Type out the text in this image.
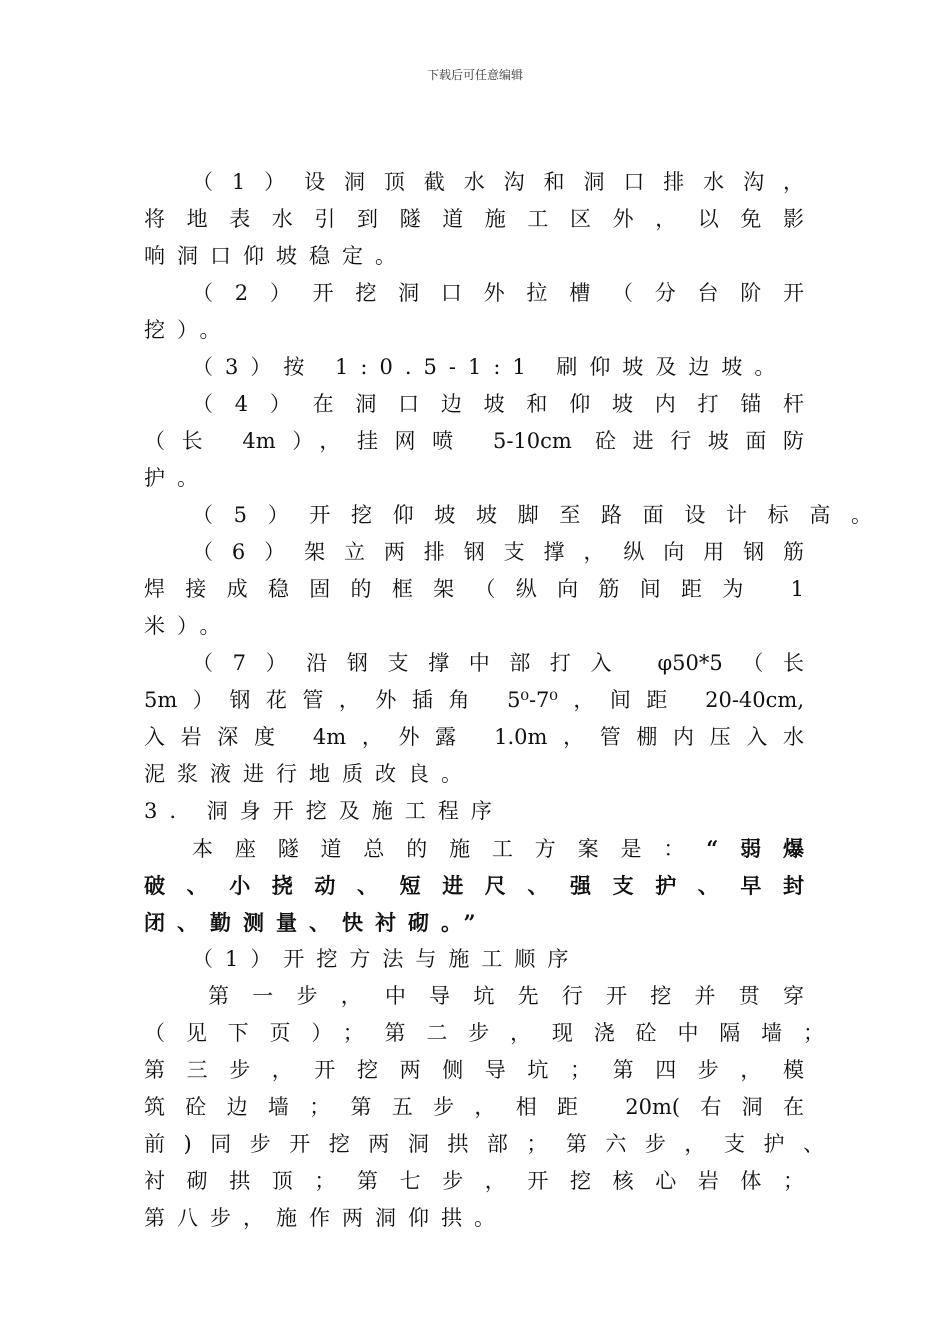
下载后可任意编辑
（1）设洞顶截水沟和洞口排水沟，
将地表水引到隧道施工区外，以免影
响洞口仰坡稳定。
（2）开挖洞口外拉槽（分台阶开
挖）。
（3）按 1:0.5-1:1 刷仰坡及边坡。
（4）在洞口边坡和仰坡内打锚杆
（长 4m），挂网喷 5-10cm 砼进行坡面防
护。
（5）开挖仰坡坡脚至路面设计标高。
（6）架立两排钢支撑，纵向用钢筋
焊接成稳固的框架（纵向筋间距为 1
米）。
（7）沿钢支撑中部打入 φ50*5（长
5m）钢花管，外插角 5⁰-7⁰，间距 20-40cm,
入岩深度 4m，外露 1.0m，管棚内压入水
泥浆液进行地质改良。
3. 洞身开挖及施工程序
本座隧道总的施工方案是：“弱爆
破、小挠动、短进尺、强支护、早封
闭、勤测量、快衬砌。”
（1）开挖方法与施工顺序
第一步，中导坑先行开挖并贯穿
（见下页）；第二步，现浇砼中隔墙；
第三步，开挖两侧导坑；第四步，模
筑砼边墙；第五步，相距 20m(右洞在
前)同步开挖两洞拱部；第六步，支护、
衬砌拱顶；第七步，开挖核心岩体；
第八步，施作两洞仰拱。
